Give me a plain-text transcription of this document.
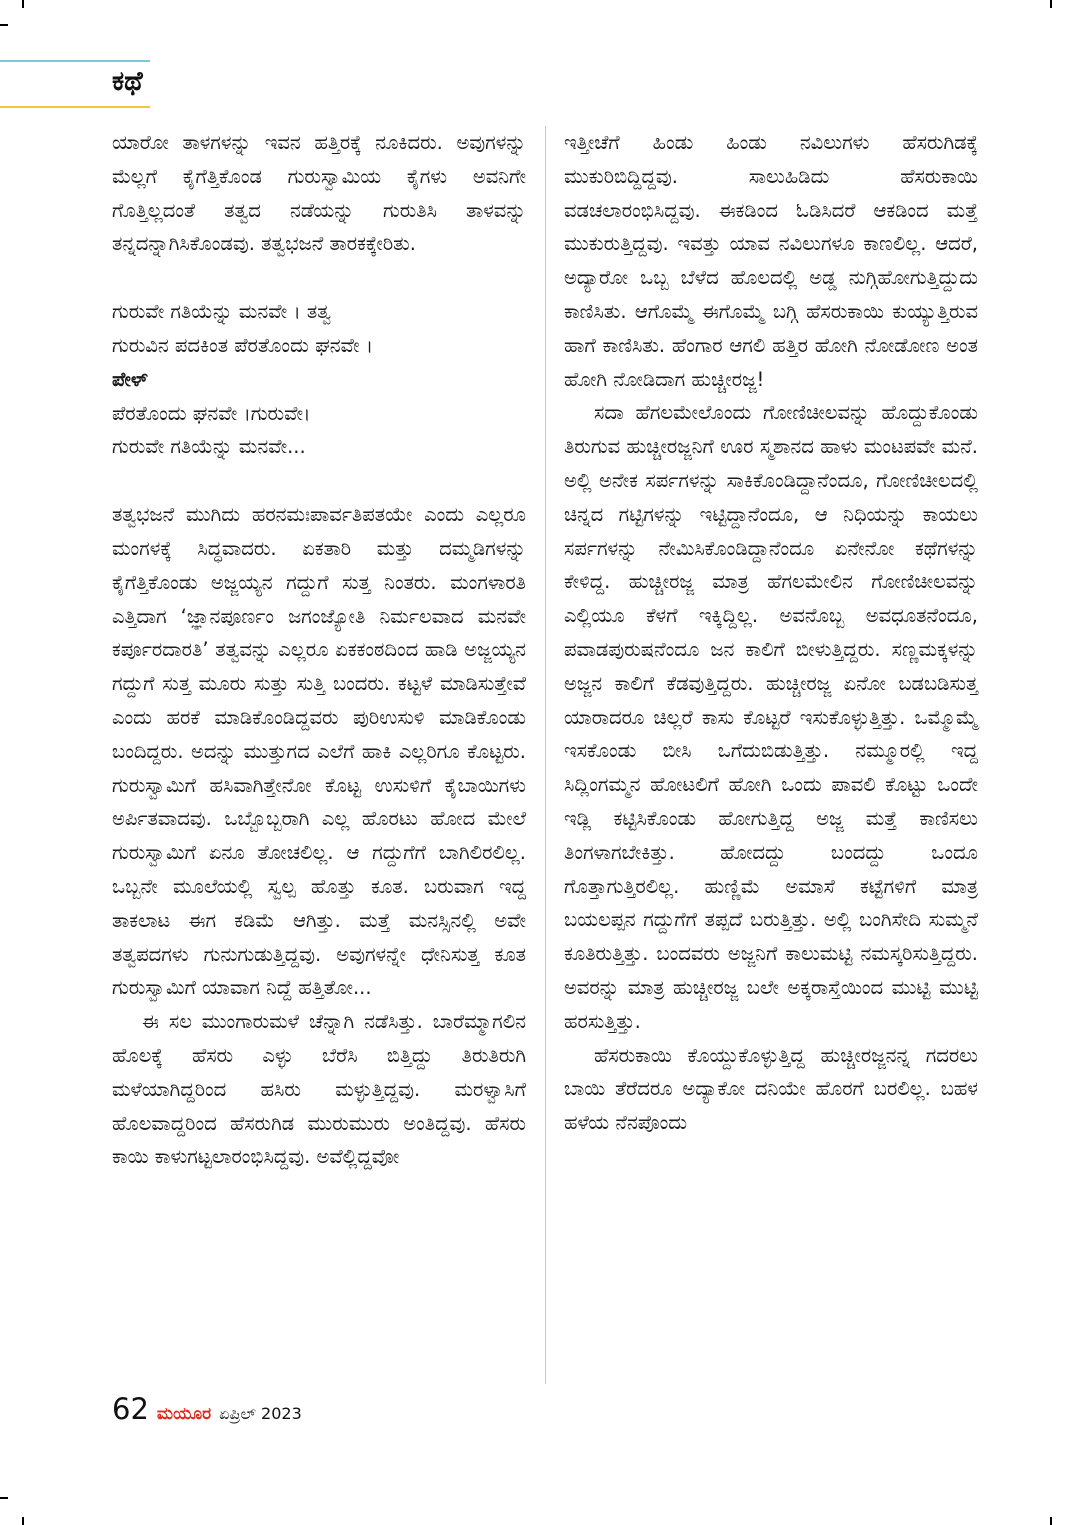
ಕಥೆ

ಯಾರೋ ತಾಳಗಳನ್ನು ಇವನ ಹತ್ತಿರಕ್ಕೆ ನೂಕಿದರು. ಅವುಗಳನ್ನು ಮೆಲ್ಲಗೆ ಕೈಗೆತ್ತಿಕೊಂಡ ಗುರುಸ್ವಾಮಿಯ ಕೈಗಳು ಅವನಿಗೇ ಗೊತ್ತಿಲ್ಲದಂತೆ ತತ್ವದ ನಡೆಯನ್ನು ಗುರುತಿಸಿ ತಾಳವನ್ನು ತನ್ನದನ್ನಾಗಿಸಿಕೊಂಡವು. ತತ್ವಭಜನೆ ತಾರಕಕ್ಕೇರಿತು.

ಗುರುವೇ ಗತಿಯೆನ್ನು ಮನವೇ । ತತ್ವ

ಗುರುವಿನ ಪದಕಿಂತ ಪೆರತೊಂದು ಘನವೇ ।

ಪೇಳ್

ಪೆರತೊಂದು ಘನವೇ ।ಗುರುವೇ।

ಗುರುವೇ ಗತಿಯೆನ್ನು ಮನವೇ...

ತತ್ವಭಜನೆ ಮುಗಿದು ಹರನಮಃಪಾರ್ವತಿಪತಯೇ ಎಂದು ಎಲ್ಲರೂ ಮಂಗಳಕ್ಕೆ ಸಿದ್ಧವಾದರು. ಏಕತಾರಿ ಮತ್ತು ದಮ್ಮಡಿಗಳನ್ನು ಕೈಗೆತ್ತಿಕೊಂಡು ಅಜ್ಜಯ್ಯನ ಗದ್ದುಗೆ ಸುತ್ತ ನಿಂತರು. ಮಂಗಳಾರತಿ ಎತ್ತಿದಾಗ ‘ಜ್ಞಾನಪೂರ್ಣಂ ಜಗಂಜ್ಯೋತಿ ನಿರ್ಮಲವಾದ ಮನವೇ ಕರ್ಪೂರದಾರತಿ’ ತತ್ವವನ್ನು ಎಲ್ಲರೂ ಏಕಕಂಠದಿಂದ ಹಾಡಿ ಅಜ್ಜಯ್ಯನ ಗದ್ದುಗೆ ಸುತ್ತ ಮೂರು ಸುತ್ತು ಸುತ್ತಿ ಬಂದರು. ಕಟ್ಟಳೆ ಮಾಡಿಸುತ್ತೇವೆ ಎಂದು ಹರಕೆ ಮಾಡಿಕೊಂಡಿದ್ದವರು ಪುರಿಉಸುಳಿ ಮಾಡಿಕೊಂಡು ಬಂದಿದ್ದರು. ಅದನ್ನು ಮುತ್ತುಗದ ಎಲೆಗೆ ಹಾಕಿ ಎಲ್ಲರಿಗೂ ಕೊಟ್ಟರು. ಗುರುಸ್ವಾಮಿಗೆ ಹಸಿವಾಗಿತ್ತೇನೋ ಕೊಟ್ಟ ಉಸುಳಿಗೆ ಕೈಬಾಯಿಗಳು ಅರ್ಪಿತವಾದವು. ಒಬ್ಬೊಬ್ಬರಾಗಿ ಎಲ್ಲ ಹೊರಟು ಹೋದ ಮೇಲೆ ಗುರುಸ್ವಾಮಿಗೆ ಏನೂ ತೋಚಲಿಲ್ಲ. ಆ ಗದ್ದುಗೆಗೆ ಬಾಗಿಲಿರಲಿಲ್ಲ. ಒಬ್ಬನೇ ಮೂಲೆಯಲ್ಲಿ ಸ್ವಲ್ಪ ಹೊತ್ತು ಕೂತ. ಬರುವಾಗ ಇದ್ದ ತಾಕಲಾಟ ಈಗ ಕಡಿಮೆ ಆಗಿತ್ತು. ಮತ್ತೆ ಮನಸ್ಸಿನಲ್ಲಿ ಅವೇ ತತ್ವಪದಗಳು ಗುನುಗುಡುತ್ತಿದ್ದವು. ಅವುಗಳನ್ನೇ ಧೇನಿಸುತ್ತ ಕೂತ ಗುರುಸ್ವಾಮಿಗೆ ಯಾವಾಗ ನಿದ್ದೆ ಹತ್ತಿತೋ...

ಈ ಸಲ ಮುಂಗಾರುಮಳೆ ಚೆನ್ನಾಗಿ ನಡೆಸಿತ್ತು. ಬಾರೆಮ್ಮಾಗಲಿನ ಹೊಲಕ್ಕೆ ಹೆಸರು ಎಳ್ಳು ಬೆರೆಸಿ ಬಿತ್ತಿದ್ದು ತಿರುತಿರುಗಿ ಮಳೆಯಾಗಿದ್ದರಿಂದ ಹಸಿರು ಮಳ್ಳುತ್ತಿದ್ದವು. ಮರಳ್ವಾಸಿಗೆ ಹೊಲವಾದ್ದರಿಂದ ಹೆಸರುಗಿಡ ಮುರುಮುರು ಅಂತಿದ್ದವು. ಹೆಸರು ಕಾಯಿ ಕಾಳುಗಟ್ಟಲಾರಂಭಿಸಿದ್ದವು. ಅವೆಲ್ಲಿದ್ದವೋ

ಇತ್ತೀಚೆಗೆ ಹಿಂಡು ಹಿಂಡು ನವಿಲುಗಳು ಹೆಸರುಗಿಡಕ್ಕೆ ಮುಕುರಿಬಿದ್ದಿದ್ದವು. ಸಾಲುಹಿಡಿದು ಹೆಸರುಕಾಯಿ ವಡಚಲಾರಂಭಿಸಿದ್ದವು. ಈಕಡಿಂದ ಓಡಿಸಿದರೆ ಆಕಡಿಂದ ಮತ್ತೆ ಮುಕುರುತ್ತಿದ್ದವು. ಇವತ್ತು ಯಾವ ನವಿಲುಗಳೂ ಕಾಣಲಿಲ್ಲ. ಆದರೆ, ಅದ್ಯಾರೋ ಒಬ್ಬ ಬೆಳೆದ ಹೊಲದಲ್ಲಿ ಅಡ್ಡ ನುಗ್ಗಿಹೋಗುತ್ತಿದ್ದುದು ಕಾಣಿಸಿತು. ಆಗೊಮ್ಮೆ ಈಗೊಮ್ಮೆ ಬಗ್ಗಿ ಹೆಸರುಕಾಯಿ ಕುಯ್ಯುತ್ತಿರುವ ಹಾಗೆ ಕಾಣಿಸಿತು. ಹೆಂಗಾರ ಆಗಲಿ ಹತ್ತಿರ ಹೋಗಿ ನೋಡೋಣ ಅಂತ ಹೋಗಿ ನೋಡಿದಾಗ ಹುಚ್ಚೀರಜ್ಜ!

ಸದಾ ಹೆಗಲಮೇಲೊಂದು ಗೋಣಿಚೀಲವನ್ನು ಹೊದ್ದುಕೊಂಡು ತಿರುಗುವ ಹುಚ್ಚೀರಜ್ಜನಿಗೆ ಊರ ಸ್ಮಶಾನದ ಹಾಳು ಮಂಟಪವೇ ಮನೆ. ಅಲ್ಲಿ ಅನೇಕ ಸರ್ಪಗಳನ್ನು ಸಾಕಿಕೊಂಡಿದ್ದಾನೆಂದೂ, ಗೋಣಿಚೀಲದಲ್ಲಿ ಚಿನ್ನದ ಗಟ್ಟಿಗಳನ್ನು ಇಟ್ಟಿದ್ದಾನೆಂದೂ, ಆ ನಿಧಿಯನ್ನು ಕಾಯಲು ಸರ್ಪಗಳನ್ನು ನೇಮಿಸಿಕೊಂಡಿದ್ದಾನೆಂದೂ ಏನೇನೋ ಕಥೆಗಳನ್ನು ಕೇಳಿದ್ದ. ಹುಚ್ಚೀರಜ್ಜ ಮಾತ್ರ ಹೆಗಲಮೇಲಿನ ಗೋಣಿಚೀಲವನ್ನು ಎಲ್ಲಿಯೂ ಕೆಳಗೆ ಇಕ್ಕಿದ್ದಿಲ್ಲ. ಅವನೊಬ್ಬ ಅವಧೂತನೆಂದೂ, ಪವಾಡಪುರುಷನೆಂದೂ ಜನ ಕಾಲಿಗೆ ಬೀಳುತ್ತಿದ್ದರು. ಸಣ್ಣಮಕ್ಕಳನ್ನು ಅಜ್ಜನ ಕಾಲಿಗೆ ಕೆಡವುತ್ತಿದ್ದರು. ಹುಚ್ಚೀರಜ್ಜ ಏನೋ ಬಡಬಡಿಸುತ್ತ ಯಾರಾದರೂ ಚಿಲ್ಲರೆ ಕಾಸು ಕೊಟ್ಟರೆ ಇಸುಕೊಳ್ಳುತ್ತಿತ್ತು. ಒಮ್ಮೊಮ್ಮೆ ಇಸಕೊಂಡು ಬೀಸಿ ಒಗೆದುಬಿಡುತ್ತಿತ್ತು. ನಮ್ಮೂರಲ್ಲಿ ಇದ್ದ ಸಿದ್ಲಿಂಗಮ್ಮನ ಹೋಟಲಿಗೆ ಹೋಗಿ ಒಂದು ಪಾವಲಿ ಕೊಟ್ಟು ಒಂದೇ ಇಡ್ಲಿ ಕಟ್ಟಿಸಿಕೊಂಡು ಹೋಗುತ್ತಿದ್ದ ಅಜ್ಜ ಮತ್ತೆ ಕಾಣಿಸಲು ತಿಂಗಳಾಗಬೇಕಿತ್ತು. ಹೋದದ್ದು ಬಂದದ್ದು ಒಂದೂ ಗೊತ್ತಾಗುತ್ತಿರಲಿಲ್ಲ. ಹುಣ್ಣಿಮೆ ಅಮಾಸೆ ಕಟ್ಟೆಗಳಿಗೆ ಮಾತ್ರ ಬಯಲಪ್ಪನ ಗದ್ದುಗೆಗೆ ತಪ್ಪದೆ ಬರುತ್ತಿತ್ತು. ಅಲ್ಲಿ ಬಂಗಿಸೇದಿ ಸುಮ್ಮನೆ ಕೂತಿರುತ್ತಿತ್ತು. ಬಂದವರು ಅಜ್ಜನಿಗೆ ಕಾಲುಮಟ್ಟಿ ನಮಸ್ಕರಿಸುತ್ತಿದ್ದರು. ಅವರನ್ನು ಮಾತ್ರ ಹುಚ್ಚೀರಜ್ಜ ಬಲೇ ಅಕ್ಕರಾಸ್ತೆಯಿಂದ ಮುಟ್ಟಿ ಮುಟ್ಟಿ ಹರಸುತ್ತಿತ್ತು.

ಹೆಸರುಕಾಯಿ ಕೊಯ್ದುಕೊಳ್ಳುತ್ತಿದ್ದ ಹುಚ್ಚೀರಜ್ಜನನ್ನ ಗದರಲು ಬಾಯಿ ತೆರೆದರೂ ಅದ್ಯಾಕೋ ದನಿಯೇ ಹೊರಗೆ ಬರಲಿಲ್ಲ. ಬಹಳ ಹಳೆಯ ನೆನಪೊಂದು

62 ಮಯೂರ ಏಪ್ರಿಲ್ 2023
